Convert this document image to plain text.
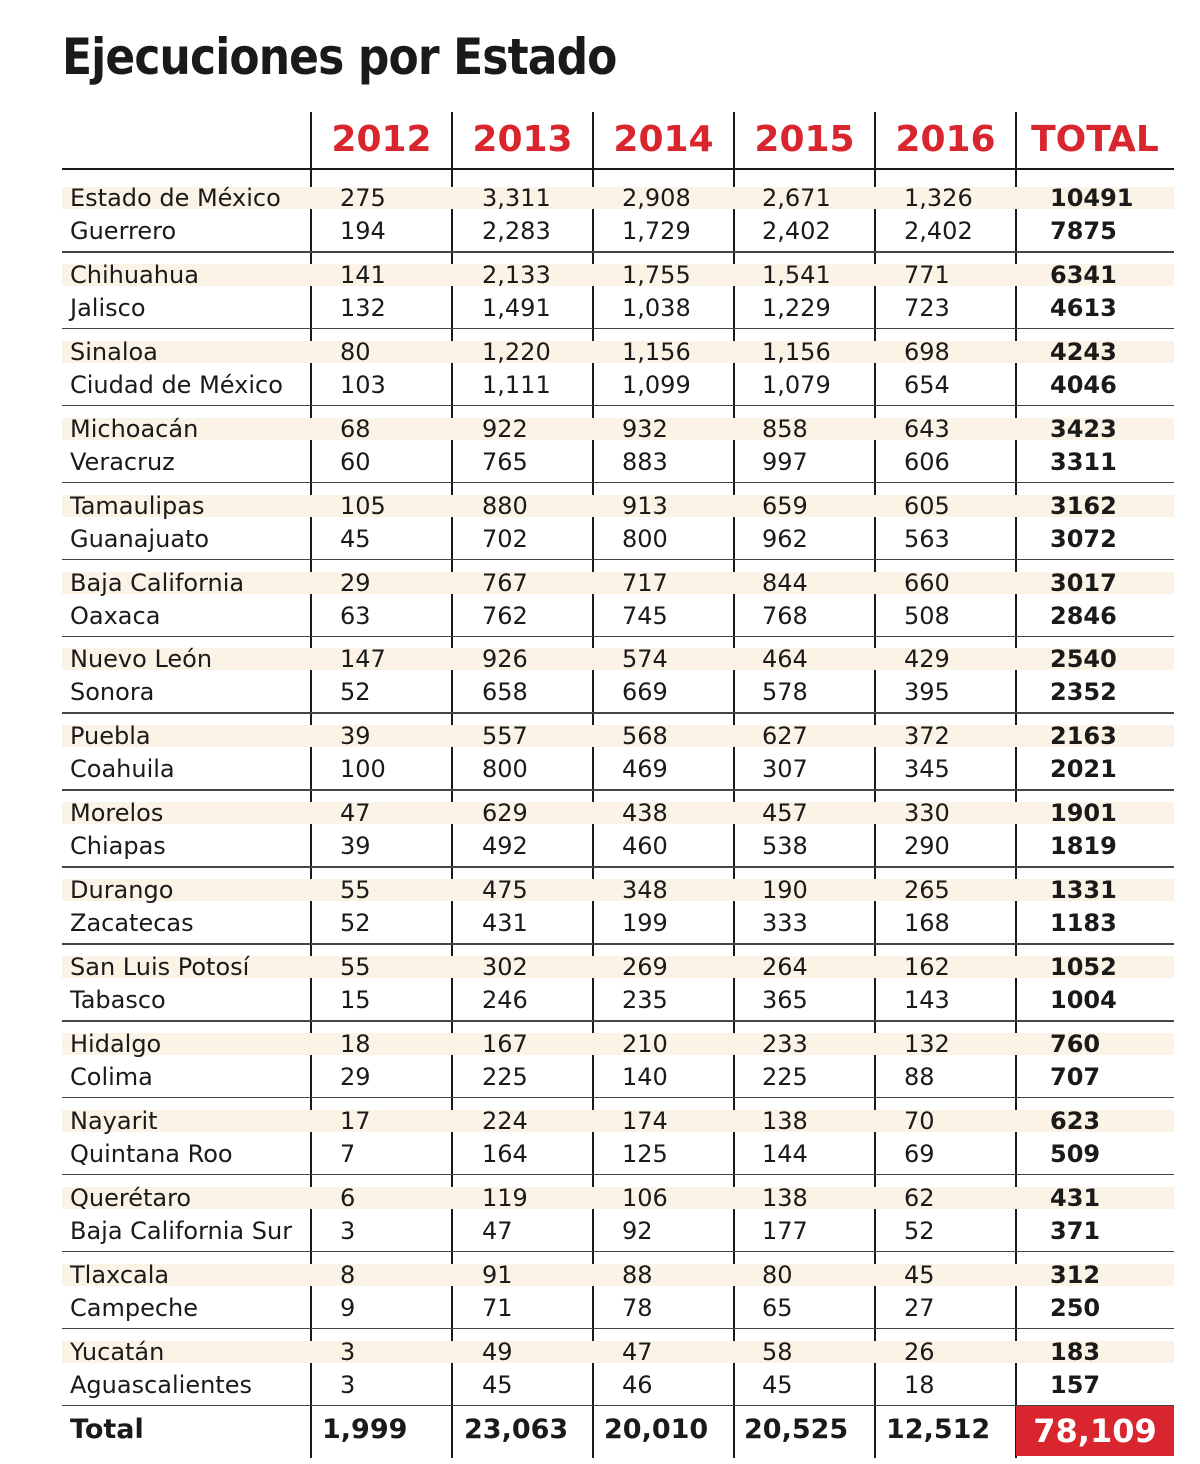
Ejecuciones por Estado
2012	2013	2014	2015	2016 TOTAL
Estado de México 275	3,311	2,908	2,671	1,326	10491
Guerrero	194	2,283	1,729	2,402	2,402	7875
Chihuahua	141	2,133	1,755	1,541	771	6341
Jalisco	132	1,491	1,038	1,229	723	4613
Sinaloa	80	1,220	1,156	1,156	698	4243
Ciudad de México 103	1,111	1,099	1,079	654	4046
Michoacán	68	922	932	858	643	3423
Veracruz	60	765	883	997	606	3311
Tamaulipas	105	880	913	659	605	3162
Guanajuato	45	702	800	962	563	3072
Baja California	29	767	717	844	660	3017
Oaxaca	63	762	745	768	508	2846
Nuevo León	147	926	574	464	429	2540
Sonora	52	658	669	578	395	2352
Puebla	39	557	568	627	372	2163
Coahuila	100	800	469	307	345	2021
Morelos	47	629	438	457	330	1901
Chiapas	39	492	460	538	290	1819
Durango	55	475	348	190	265	1331
Zacatecas	52	431	199	333	168	1183
San Luis Potosí	55	302	269	264	162	1052
Tabasco	15	246	235	365	143	1004
Hidalgo	18	167	210	233	132	760
Colima	29	225	140	225	88	707
Nayarit	17	224	174	138	70	623
Quintana Roo	7	164	125	144	69	509
Querétaro	6	119	106	138	62	431
Baja California Sur 3	47	92	177	52	371
Tlaxcala	8	91	88	80	45	312
Campeche	9	71	78	65	27	250
Yucatán	3	49	47	58	26	183
Aguascalientes	3	45	46	45	18	157
Total	1,999 23,063 20,010 20,525 12,512	78,109
